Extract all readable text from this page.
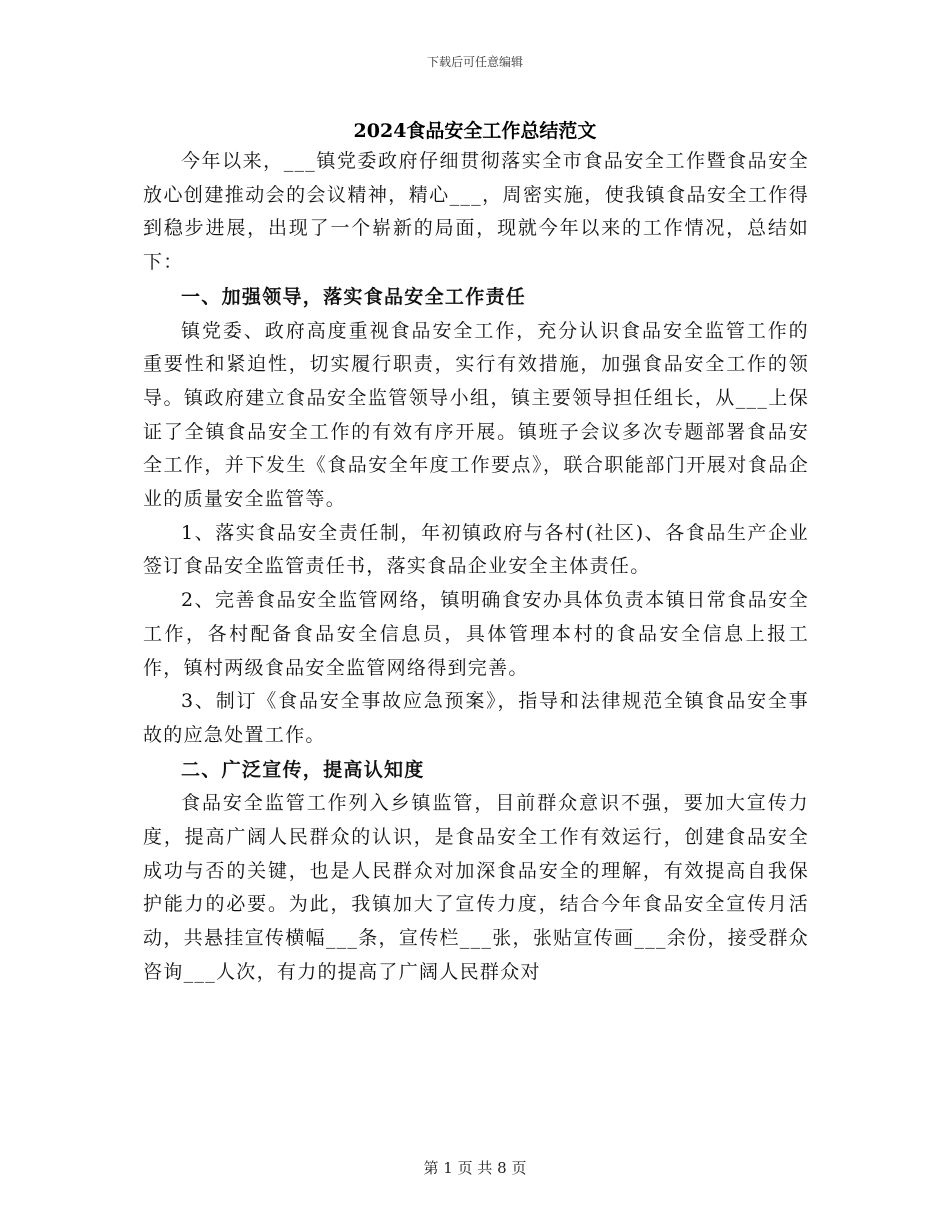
下载后可任意编辑
2024食品安全工作总结范文

今年以来，___镇党委政府仔细贯彻落实全市食品安全工作暨食品安全放心创建推动会的会议精神，精心___，周密实施，使我镇食品安全工作得到稳步进展，出现了一个崭新的局面，现就今年以来的工作情况，总结如下：

一、加强领导，落实食品安全工作责任

镇党委、政府高度重视食品安全工作，充分认识食品安全监管工作的重要性和紧迫性，切实履行职责，实行有效措施，加强食品安全工作的领导。镇政府建立食品安全监管领导小组，镇主要领导担任组长，从___上保证了全镇食品安全工作的有效有序开展。镇班子会议多次专题部署食品安全工作，并下发生《食品安全年度工作要点》，联合职能部门开展对食品企业的质量安全监管等。

1、落实食品安全责任制，年初镇政府与各村(社区)、各食品生产企业签订食品安全监管责任书，落实食品企业安全主体责任。

2、完善食品安全监管网络，镇明确食安办具体负责本镇日常食品安全工作，各村配备食品安全信息员，具体管理本村的食品安全信息上报工作，镇村两级食品安全监管网络得到完善。

3、制订《食品安全事故应急预案》，指导和法律规范全镇食品安全事故的应急处置工作。

二、广泛宣传，提高认知度

食品安全监管工作列入乡镇监管，目前群众意识不强，要加大宣传力度，提高广阔人民群众的认识，是食品安全工作有效运行，创建食品安全成功与否的关键，也是人民群众对加深食品安全的理解，有效提高自我保护能力的必要。为此，我镇加大了宣传力度，结合今年食品安全宣传月活动，共悬挂宣传横幅___条，宣传栏___张，张贴宣传画___余份，接受群众咨询___人次，有力的提高了广阔人民群众对

第 1 页 共 8 页
